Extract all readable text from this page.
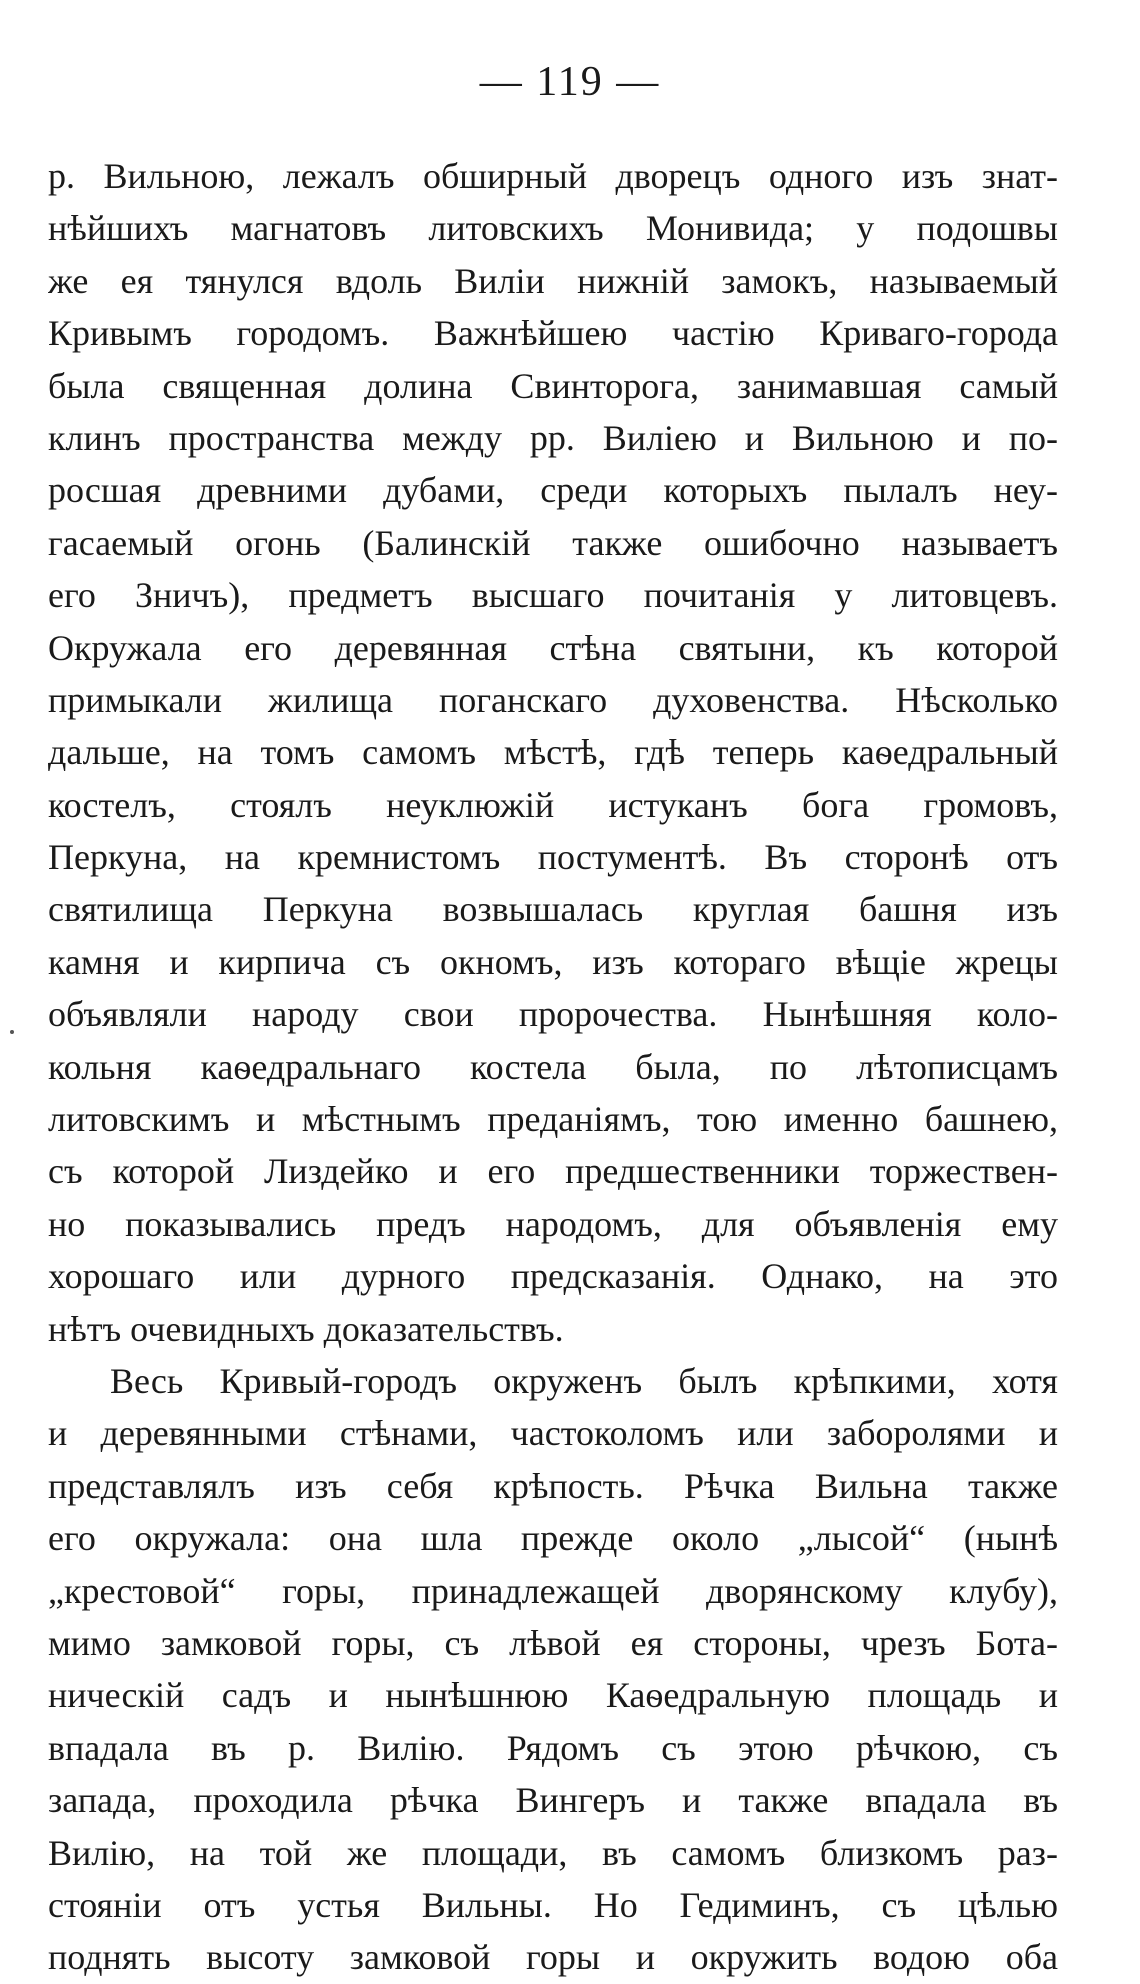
— 119 —
р. Вильною, лежалъ обширный дворецъ одного изъ знат-
нѣйшихъ магнатовъ литовскихъ Монивида; у подошвы
же ея тянулся вдоль Виліи нижній замокъ, называемый
Кривымъ городомъ. Важнѣйшею частію Криваго-города
была священная долина Свинторога, занимавшая самый
клинъ пространства между рр. Виліею и Вильною и по-
росшая древними дубами, среди которыхъ пылалъ неу-
гасаемый огонь (Балинскій также ошибочно называетъ
его Зничъ), предметъ высшаго почитанія у литовцевъ.
Окружала его деревянная стѣна святыни, къ которой
примыкали жилища поганскаго духовенства. Нѣсколько
дальше, на томъ самомъ мѣстѣ, гдѣ теперь каѳедральный
костелъ, стоялъ неуклюжій истуканъ бога громовъ,
Перкуна, на кремнистомъ постументѣ. Въ сторонѣ отъ
святилища Перкуна возвышалась круглая башня изъ
камня и кирпича съ окномъ, изъ котораго вѣщіе жрецы
объявляли народу свои пророчества. Нынѣшняя коло-
кольня каѳедральнаго костела была, по лѣтописцамъ
литовскимъ и мѣстнымъ преданіямъ, тою именно башнею,
съ которой Лиздейко и его предшественники торжествен-
но показывались предъ народомъ, для объявленія ему
хорошаго или дурного предсказанія. Однако, на это
нѣтъ очевидныхъ доказательствъ.
Весь Кривый-городъ окруженъ былъ крѣпкими, хотя
и деревянными стѣнами, частоколомъ или заборолями и
представлялъ изъ себя крѣпость. Рѣчка Вильна также
его окружала: она шла прежде около „лысой“ (нынѣ
„крестовой“ горы, принадлежащей дворянскому клубу),
мимо замковой горы, съ лѣвой ея стороны, чрезъ Бота-
ническій садъ и нынѣшнюю Каѳедральную площадь и
впадала въ р. Вилію. Рядомъ съ этою рѣчкою, съ
запада, проходила рѣчка Вингеръ и также впадала въ
Вилію, на той же площади, въ самомъ близкомъ раз-
стояніи отъ устья Вильны. Но Гедиминъ, съ цѣлью
поднять высоту замковой горы и окружить водою оба
